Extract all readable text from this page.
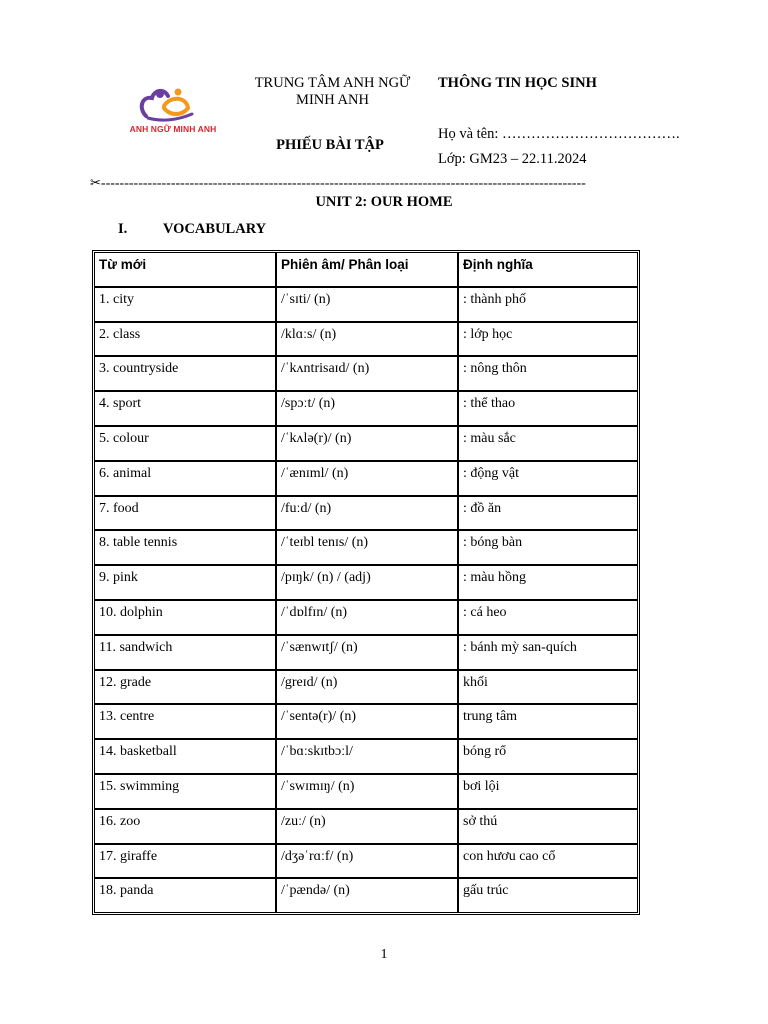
ANH NGỮ MINH ANH
TRUNG TÂM ANH NGỮ
MINH ANH
PHIẾU BÀI TẬP
THÔNG TIN HỌC SINH
Họ và tên: ……………………………….
Lớp: GM23 – 22.11.2024
✂--------------------------------------------------------------------------------------------------------
UNIT 2: OUR HOME
I. VOCABULARY
Từ mới	Phiên âm/ Phân loại	Định nghĩa
1. city	/ˈsɪti/ (n)	: thành phố
2. class	/klɑːs/ (n)	: lớp học
3. countryside	/ˈkʌntrisaɪd/ (n)	: nông thôn
4. sport	/spɔːt/ (n)	: thể thao
5. colour	/ˈkʌlə(r)/ (n)	: màu sắc
6. animal	/ˈænɪml/ (n)	: động vật
7. food	/fuːd/ (n)	: đồ ăn
8. table tennis	/ˈteɪbl tenɪs/ (n)	: bóng bàn
9. pink	/pɪŋk/ (n) / (adj)	: màu hồng
10. dolphin	/ˈdɒlfɪn/ (n)	: cá heo
11. sandwich	/ˈsænwɪtʃ/ (n)	: bánh mỳ san-quích
12. grade	/greɪd/ (n)	khối
13. centre	/ˈsentə(r)/ (n)	trung tâm
14. basketball	/ˈbɑːskɪtbɔːl/	bóng rổ
15. swimming	/ˈswɪmɪŋ/ (n)	bơi lội
16. zoo	/zuː/ (n)	sở thú
17. giraffe	/dʒəˈrɑːf/ (n)	con hươu cao cổ
18. panda	/ˈpændə/ (n)	gấu trúc
1
